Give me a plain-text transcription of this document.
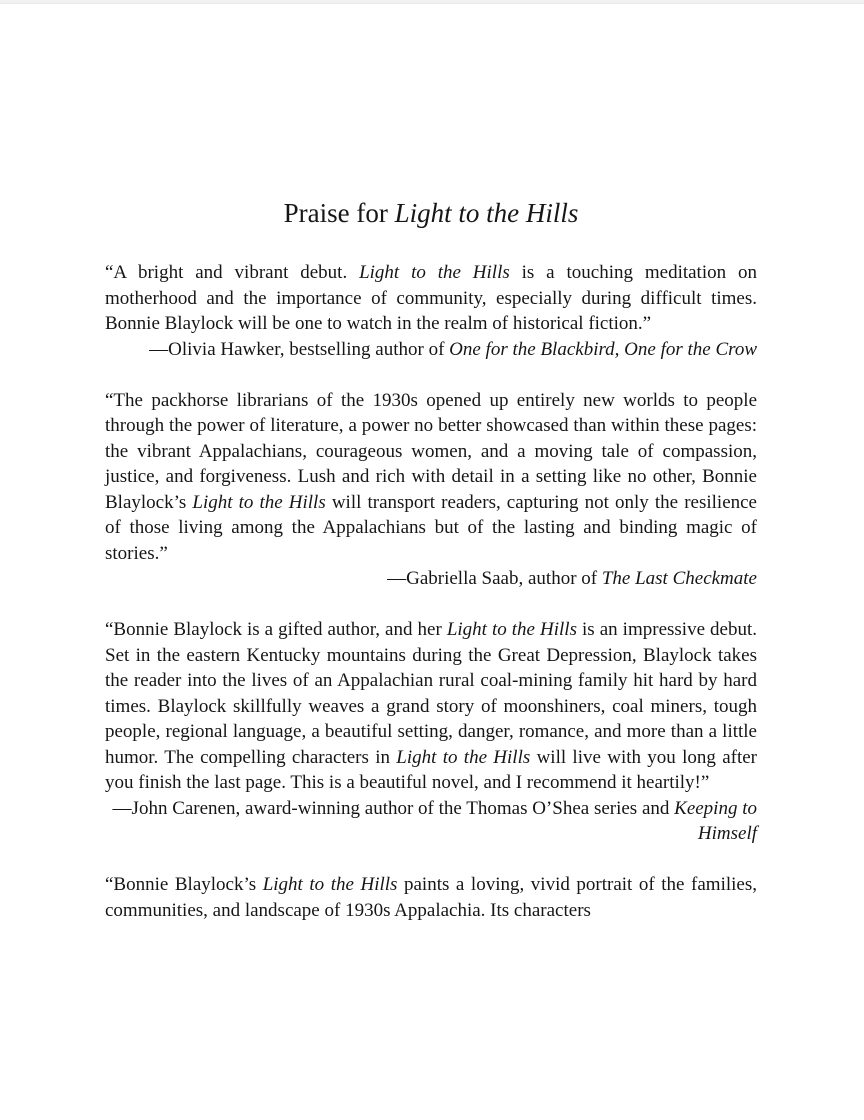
Praise for Light to the Hills

“A bright and vibrant debut. Light to the Hills is a touching meditation on motherhood and the importance of community, especially during difficult times. Bonnie Blaylock will be one to watch in the realm of historical fiction.”

—Olivia Hawker, bestselling author of One for the Blackbird, One for the Crow

“The packhorse librarians of the 1930s opened up entirely new worlds to people through the power of literature, a power no better showcased than within these pages: the vibrant Appalachians, courageous women, and a moving tale of compassion, justice, and forgiveness. Lush and rich with detail in a setting like no other, Bonnie Blaylock’s Light to the Hills will transport readers, capturing not only the resilience of those living among the Appalachians but of the lasting and binding magic of stories.”

—Gabriella Saab, author of The Last Checkmate

“Bonnie Blaylock is a gifted author, and her Light to the Hills is an impressive debut. Set in the eastern Kentucky mountains during the Great Depression, Blaylock takes the reader into the lives of an Appalachian rural coal-mining family hit hard by hard times. Blaylock skillfully weaves a grand story of moonshiners, coal miners, tough people, regional language, a beautiful setting, danger, romance, and more than a little humor. The compelling characters in Light to the Hills will live with you long after you finish the last page. This is a beautiful novel, and I recommend it heartily!”

—John Carenen, award-winning author of the Thomas O’Shea series and Keeping to Himself

“Bonnie Blaylock’s Light to the Hills paints a loving, vivid portrait of the families, communities, and landscape of 1930s Appalachia. Its characters
